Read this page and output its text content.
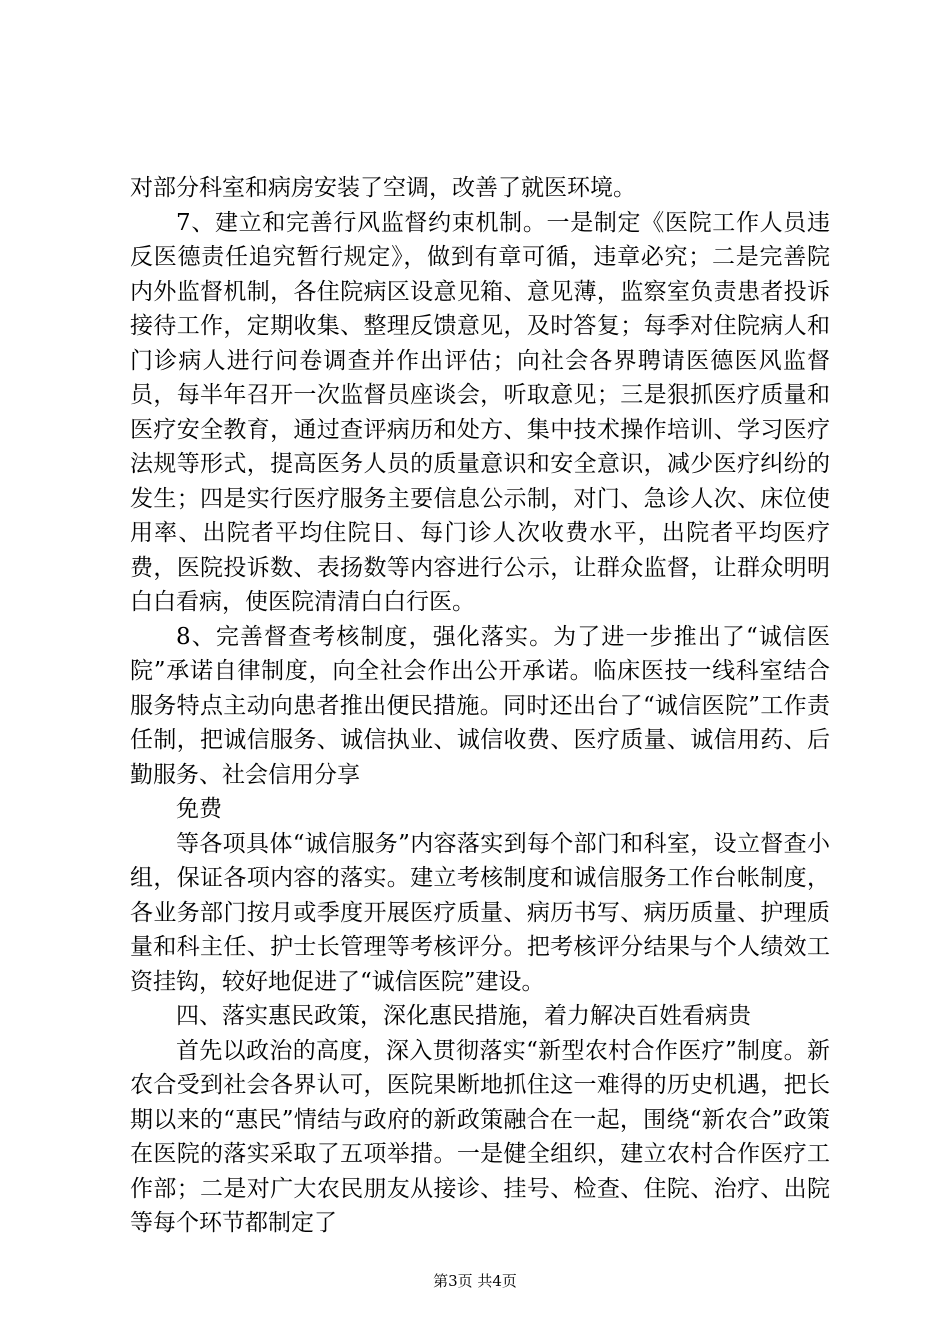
对部分科室和病房安装了空调，改善了就医环境。

7、建立和完善行风监督约束机制。一是制定《医院工作人员违反医德责任追究暂行规定》，做到有章可循，违章必究；二是完善院内外监督机制，各住院病区设意见箱、意见薄，监察室负责患者投诉接待工作，定期收集、整理反馈意见，及时答复；每季对住院病人和门诊病人进行问卷调查并作出评估；向社会各界聘请医德医风监督员，每半年召开一次监督员座谈会，听取意见；三是狠抓医疗质量和医疗安全教育，通过查评病历和处方、集中技术操作培训、学习医疗法规等形式，提高医务人员的质量意识和安全意识，减少医疗纠纷的发生；四是实行医疗服务主要信息公示制，对门、急诊人次、床位使用率、出院者平均住院日、每门诊人次收费水平，出院者平均医疗费，医院投诉数、表扬数等内容进行公示，让群众监督，让群众明明白白看病，使医院清清白白行医。

8、完善督查考核制度，强化落实。为了进一步推出了“诚信医院”承诺自律制度，向全社会作出公开承诺。临床医技一线科室结合服务特点主动向患者推出便民措施。同时还出台了“诚信医院”工作责任制，把诚信服务、诚信执业、诚信收费、医疗质量、诚信用药、后勤服务、社会信用分享

免费

等各项具体“诚信服务”内容落实到每个部门和科室，设立督查小组，保证各项内容的落实。建立考核制度和诚信服务工作台帐制度，各业务部门按月或季度开展医疗质量、病历书写、病历质量、护理质量和科主任、护士长管理等考核评分。把考核评分结果与个人绩效工资挂钩，较好地促进了“诚信医院”建设。

四、落实惠民政策，深化惠民措施，着力解决百姓看病贵

首先以政治的高度，深入贯彻落实“新型农村合作医疗”制度。新农合受到社会各界认可，医院果断地抓住这一难得的历史机遇，把长期以来的“惠民”情结与政府的新政策融合在一起，围绕“新农合”政策在医院的落实采取了五项举措。一是健全组织，建立农村合作医疗工作部；二是对广大农民朋友从接诊、挂号、检查、住院、治疗、出院等每个环节都制定了

第3页 共4页
